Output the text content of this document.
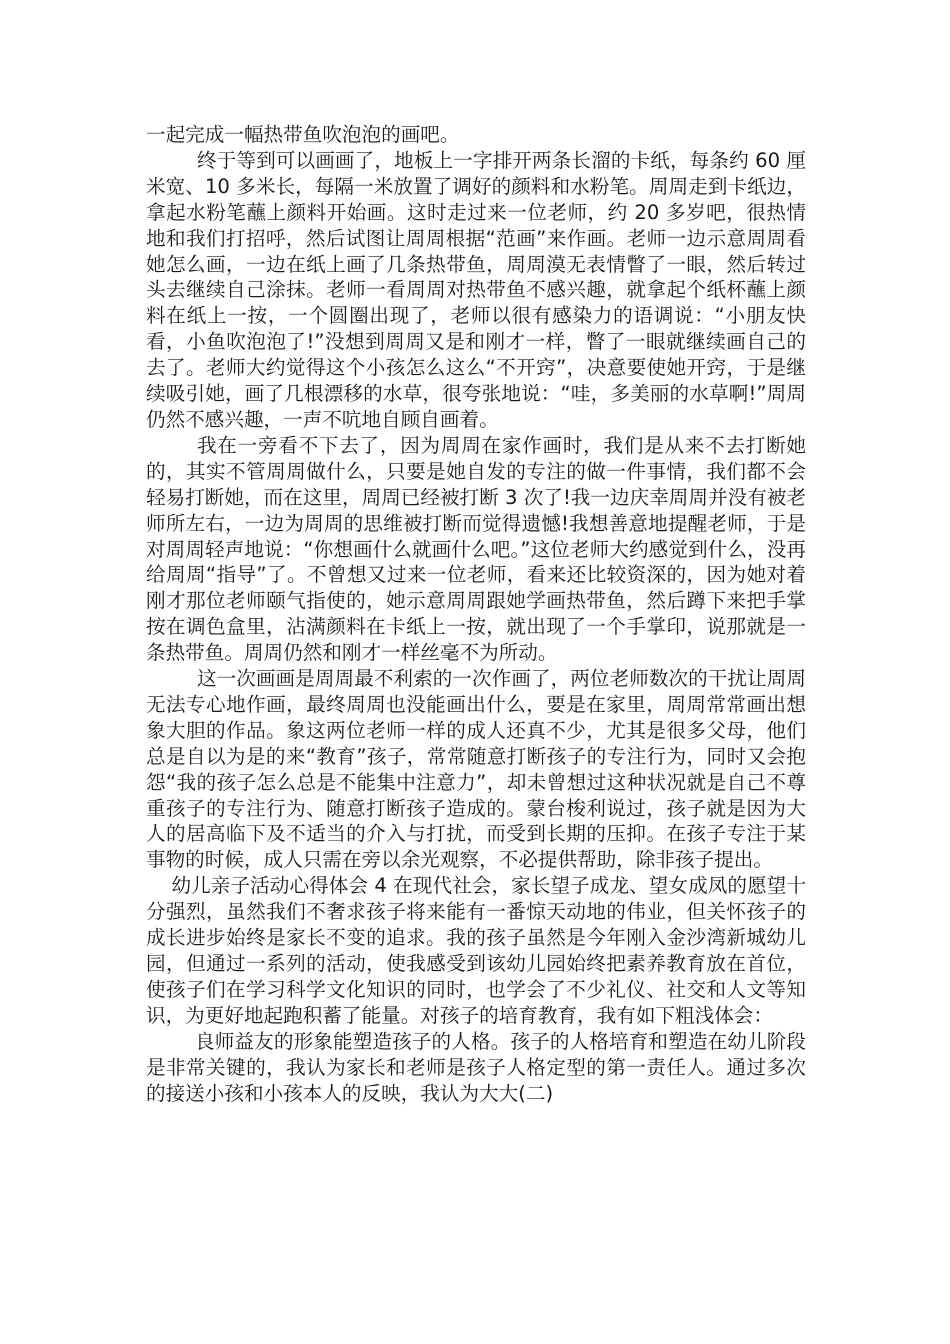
一起完成一幅热带鱼吹泡泡的画吧。

终于等到可以画画了，地板上一字排开两条长溜的卡纸，每条约 60 厘米宽、10 多米长，每隔一米放置了调好的颜料和水粉笔。周周走到卡纸边，拿起水粉笔蘸上颜料开始画。这时走过来一位老师，约 20 多岁吧，很热情地和我们打招呼，然后试图让周周根据“范画”来作画。老师一边示意周周看她怎么画，一边在纸上画了几条热带鱼，周周漠无表情瞥了一眼，然后转过头去继续自己涂抹。老师一看周周对热带鱼不感兴趣，就拿起个纸杯蘸上颜料在纸上一按，一个圆圈出现了，老师以很有感染力的语调说：“小朋友快看，小鱼吹泡泡了!”没想到周周又是和刚才一样，瞥了一眼就继续画自己的去了。老师大约觉得这个小孩怎么这么“不开窍”，决意要使她开窍，于是继续吸引她，画了几根漂移的水草，很夸张地说：“哇，多美丽的水草啊!”周周仍然不感兴趣，一声不吭地自顾自画着。

我在一旁看不下去了，因为周周在家作画时，我们是从来不去打断她的，其实不管周周做什么，只要是她自发的专注的做一件事情，我们都不会轻易打断她，而在这里，周周已经被打断 3 次了!我一边庆幸周周并没有被老师所左右，一边为周周的思维被打断而觉得遗憾!我想善意地提醒老师，于是对周周轻声地说：“你想画什么就画什么吧。”这位老师大约感觉到什么，没再给周周“指导”了。不曾想又过来一位老师，看来还比较资深的，因为她对着刚才那位老师颐气指使的，她示意周周跟她学画热带鱼，然后蹲下来把手掌按在调色盒里，沾满颜料在卡纸上一按，就出现了一个手掌印，说那就是一条热带鱼。周周仍然和刚才一样丝毫不为所动。

这一次画画是周周最不利索的一次作画了，两位老师数次的干扰让周周无法专心地作画，最终周周也没能画出什么，要是在家里，周周常常画出想象大胆的作品。象这两位老师一样的成人还真不少，尤其是很多父母，他们总是自以为是的来“教育”孩子，常常随意打断孩子的专注行为，同时又会抱怨“我的孩子怎么总是不能集中注意力”，却未曾想过这种状况就是自己不尊重孩子的专注行为、随意打断孩子造成的。蒙台梭利说过，孩子就是因为大人的居高临下及不适当的介入与打扰，而受到长期的压抑。在孩子专注于某事物的时候，成人只需在旁以余光观察，不必提供帮助，除非孩子提出。

幼儿亲子活动心得体会 4 在现代社会，家长望子成龙、望女成凤的愿望十分强烈，虽然我们不奢求孩子将来能有一番惊天动地的伟业，但关怀孩子的成长进步始终是家长不变的追求。我的孩子虽然是今年刚入金沙湾新城幼儿园，但通过一系列的活动，使我感受到该幼儿园始终把素养教育放在首位，使孩子们在学习科学文化知识的同时，也学会了不少礼仪、社交和人文等知识，为更好地起跑积蓄了能量。对孩子的培育教育，我有如下粗浅体会：

良师益友的形象能塑造孩子的人格。孩子的人格培育和塑造在幼儿阶段是非常关键的，我认为家长和老师是孩子人格定型的第一责任人。通过多次的接送小孩和小孩本人的反映，我认为大大(二)
